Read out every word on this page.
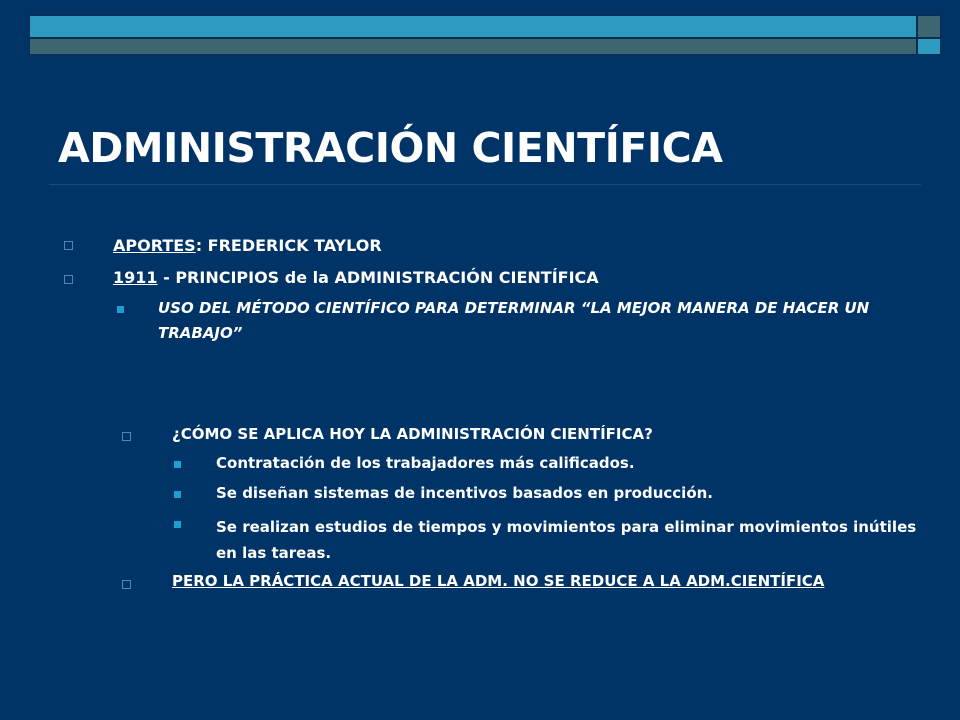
ADMINISTRACIÓN CIENTÍFICA
APORTES: FREDERICK TAYLOR
1911 - PRINCIPIOS de la ADMINISTRACIÓN CIENTÍFICA
USO DEL MÉTODO CIENTÍFICO PARA DETERMINAR “LA MEJOR MANERA DE HACER UN TRABAJO”
¿CÓMO SE APLICA HOY LA ADMINISTRACIÓN CIENTÍFICA?
Contratación de los trabajadores más calificados.
Se diseñan sistemas de incentivos basados en producción.
Se realizan estudios de tiempos y movimientos para eliminar movimientos inútiles en las tareas.
PERO LA PRÁCTICA ACTUAL DE LA ADM. NO SE REDUCE A LA ADM.CIENTÍFICA
